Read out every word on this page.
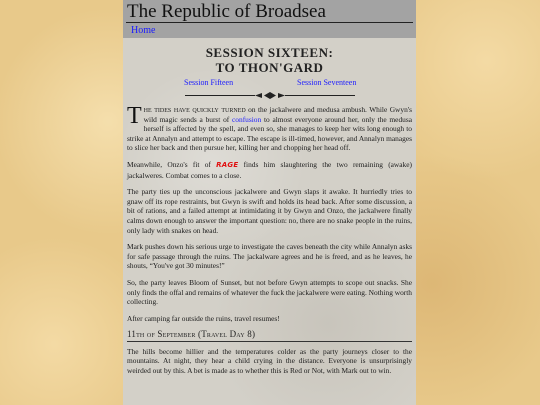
The Republic of Broadsea
Home
SESSION SIXTEEN:
TO THON'GARD
Session Fifteen	Session Seventeen

The tides have quickly turned on the jackalwere and medusa ambush. While Gwyn's wild magic sends a burst of confusion to almost everyone around her, only the medusa herself is affected by the spell, and even so, she manages to keep her wits long enough to strike at Annalyn and attempt to escape. The escape is ill-timed, however, and Annalyn manages to slice her back and then pursue her, killing her and chopping her head off.

Meanwhile, Onzo's fit of RAGE finds him slaughtering the two remaining (awake) jackalweres. Combat comes to a close.

The party ties up the unconscious jackalwere and Gwyn slaps it awake. It hurriedly tries to gnaw off its rope restraints, but Gwyn is swift and holds its head back. After some discussion, a bit of rations, and a failed attempt at intimidating it by Gwyn and Onzo, the jackalwere finally calms down enough to answer the important question: no, there are no snake people in the ruins, only lady with snakes on head.

Mark pushes down his serious urge to investigate the caves beneath the city while Annalyn asks for safe passage through the ruins. The jackalware agrees and he is freed, and as he leaves, he shouts, “You've got 30 minutes!”

So, the party leaves Bloom of Sunset, but not before Gwyn attempts to scope out snacks. She only finds the offal and remains of whatever the fuck the jackalwere were eating. Nothing worth collecting.

After camping far outside the ruins, travel resumes!

11th of September (Travel Day 8)

The hills become hillier and the temperatures colder as the party journeys closer to the mountains. At night, they hear a child crying in the distance. Everyone is unsurprisingly weirded out by this. A bet is made as to whether this is Red or Not, with Mark out to win.
